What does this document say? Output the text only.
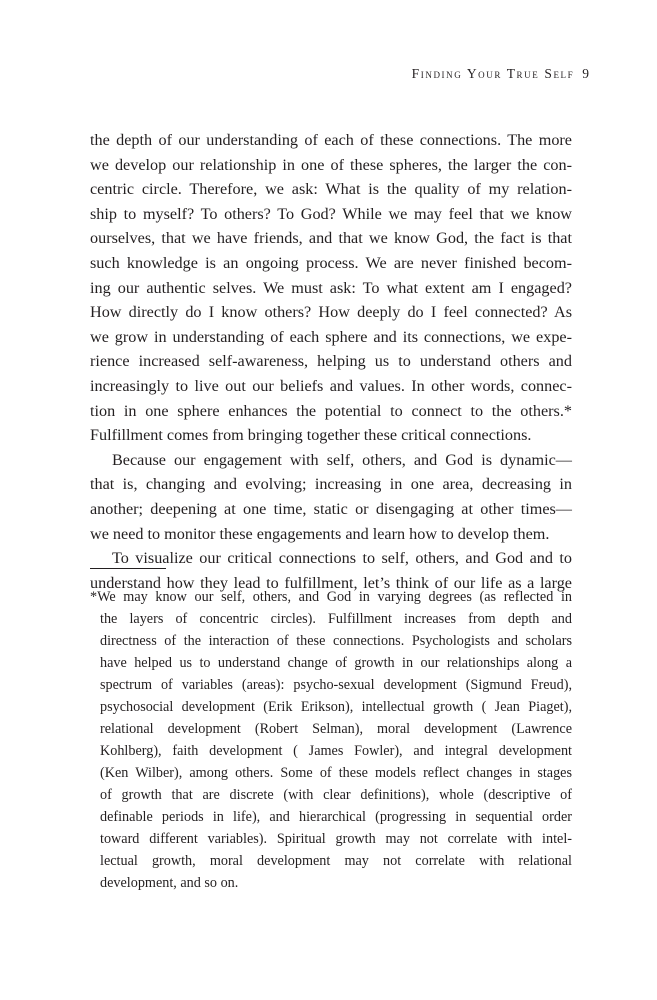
Finding Your True Self 9
the depth of our understanding of each of these connections. The more
we develop our relationship in one of these spheres, the larger the con-
centric circle. Therefore, we ask: What is the quality of my relation-
ship to myself? To others? To God? While we may feel that we know
ourselves, that we have friends, and that we know God, the fact is that
such knowledge is an ongoing process. We are never finished becom-
ing our authentic selves. We must ask: To what extent am I engaged?
How directly do I know others? How deeply do I feel connected? As
we grow in understanding of each sphere and its connections, we expe-
rience increased self-awareness, helping us to understand others and
increasingly to live out our beliefs and values. In other words, connec-
tion in one sphere enhances the potential to connect to the others.*
Fulfillment comes from bringing together these critical connections.
Because our engagement with self, others, and God is dynamic—
that is, changing and evolving; increasing in one area, decreasing in
another; deepening at one time, static or disengaging at other times—
we need to monitor these engagements and learn how to develop them.
To visualize our critical connections to self, others, and God and to
understand how they lead to fulfillment, let’s think of our life as a large
*We may know our self, others, and God in varying degrees (as reflected in
the layers of concentric circles). Fulfillment increases from depth and
directness of the interaction of these connections. Psychologists and scholars
have helped us to understand change of growth in our relationships along a
spectrum of variables (areas): psycho-sexual development (Sigmund Freud),
psychosocial development (Erik Erikson), intellectual growth ( Jean Piaget),
relational development (Robert Selman), moral development (Lawrence
Kohlberg), faith development ( James Fowler), and integral development
(Ken Wilber), among others. Some of these models reflect changes in stages
of growth that are discrete (with clear definitions), whole (descriptive of
definable periods in life), and hierarchical (progressing in sequential order
toward different variables). Spiritual growth may not correlate with intel-
lectual growth, moral development may not correlate with relational
development, and so on.
